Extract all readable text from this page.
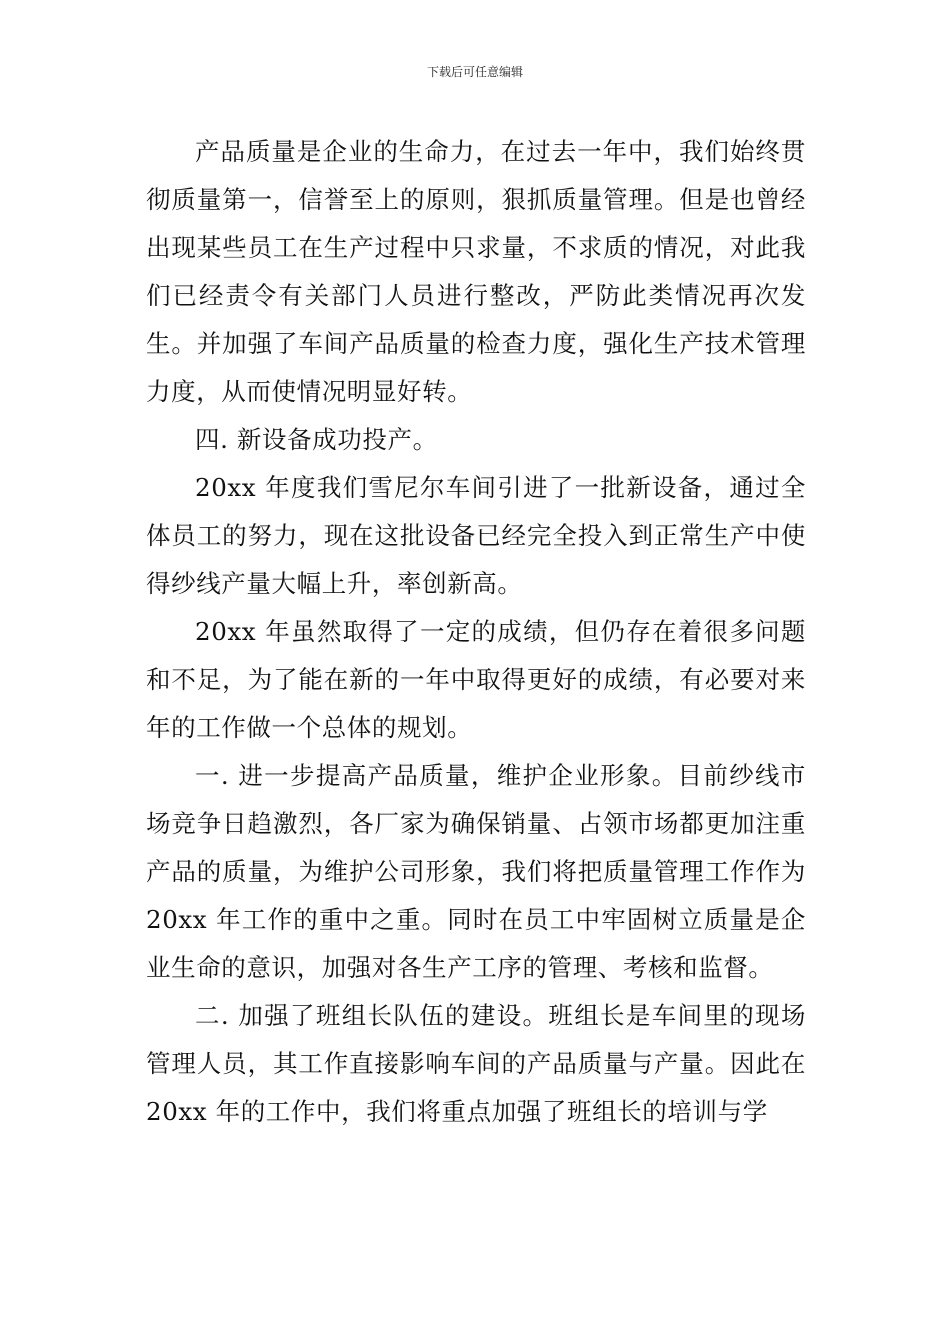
下载后可任意编辑

产品质量是企业的生命力，在过去一年中，我们始终贯彻质量第一，信誉至上的原则，狠抓质量管理。但是也曾经出现某些员工在生产过程中只求量，不求质的情况，对此我们已经责令有关部门人员进行整改，严防此类情况再次发生。并加强了车间产品质量的检查力度，强化生产技术管理力度，从而使情况明显好转。

四. 新设备成功投产。

20xx 年度我们雪尼尔车间引进了一批新设备，通过全体员工的努力，现在这批设备已经完全投入到正常生产中使得纱线产量大幅上升，率创新高。

20xx 年虽然取得了一定的成绩，但仍存在着很多问题和不足，为了能在新的一年中取得更好的成绩，有必要对来年的工作做一个总体的规划。

一. 进一步提高产品质量，维护企业形象。目前纱线市场竞争日趋激烈，各厂家为确保销量、占领市场都更加注重产品的质量，为维护公司形象，我们将把质量管理工作作为 20xx 年工作的重中之重。同时在员工中牢固树立质量是企业生命的意识，加强对各生产工序的管理、考核和监督。

二. 加强了班组长队伍的建设。班组长是车间里的现场管理人员，其工作直接影响车间的产品质量与产量。因此在 20xx 年的工作中，我们将重点加强了班组长的培训与学
